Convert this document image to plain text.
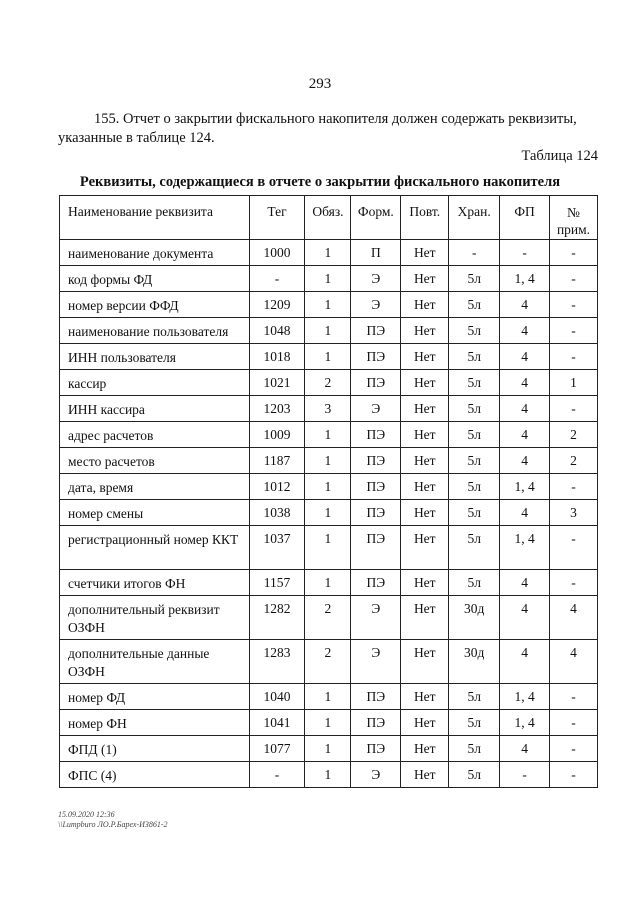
293
155. Отчет о закрытии фискального накопителя должен содержать реквизиты,
указанные в таблице 124.
Таблица 124
Реквизиты, содержащиеся в отчете о закрытии фискального накопителя
Наименование реквизита	Тег	Обяз.	Форм.	Повт.	Хран.	ФП	№ прим.
наименование документа	1000	1	П	Нет	-	-	-
код формы ФД	-	1	Э	Нет	5л	1, 4	-
номер версии ФФД	1209	1	Э	Нет	5л	4	-
наименование пользователя	1048	1	ПЭ	Нет	5л	4	-
ИНН пользователя	1018	1	ПЭ	Нет	5л	4	-
кассир	1021	2	ПЭ	Нет	5л	4	1
ИНН кассира	1203	3	Э	Нет	5л	4	-
адрес расчетов	1009	1	ПЭ	Нет	5л	4	2
место расчетов	1187	1	ПЭ	Нет	5л	4	2
дата, время	1012	1	ПЭ	Нет	5л	1, 4	-
номер смены	1038	1	ПЭ	Нет	5л	4	3
регистрационный номер ККТ	1037	1	ПЭ	Нет	5л	1, 4	-
счетчики итогов ФН	1157	1	ПЭ	Нет	5л	4	-
дополнительный реквизит ОЗФН	1282	2	Э	Нет	30д	4	4
дополнительные данные ОЗФН	1283	2	Э	Нет	30д	4	4
номер ФД	1040	1	ПЭ	Нет	5л	1, 4	-
номер ФН	1041	1	ПЭ	Нет	5л	1, 4	-
ФПД (1)	1077	1	ПЭ	Нет	5л	4	-
ФПС (4)	-	1	Э	Нет	5л	-	-
15.09.2020 12:36
\\Lumpburo ЛО.Р.Барех-ИЗ861-2
